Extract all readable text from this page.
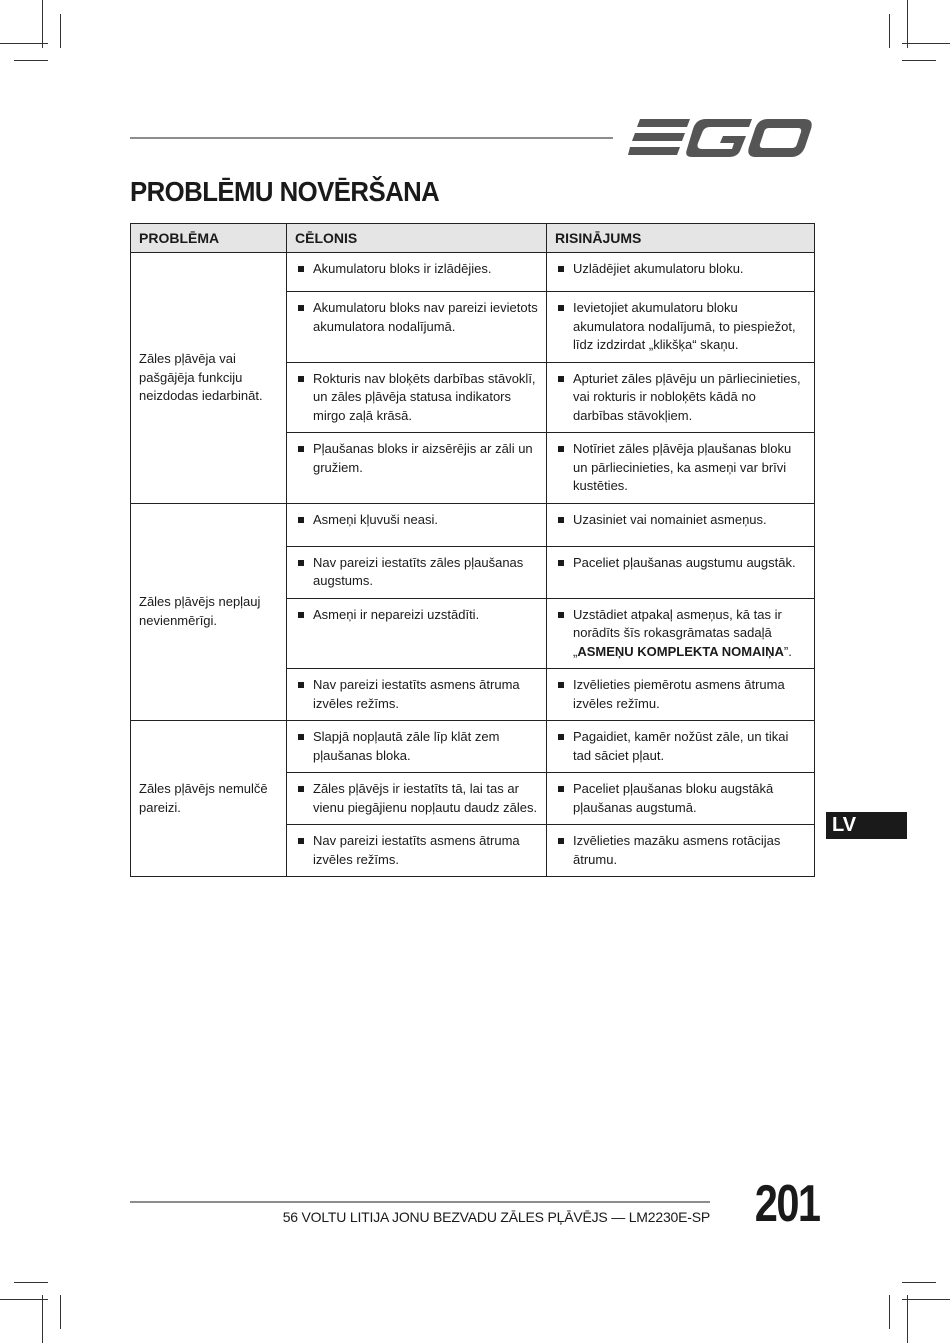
PROBLĒMU NOVĒRŠANA
PROBLĒMA	CĒLONIS	RISINĀJUMS
Zāles pļāvēja vai pašgājēja funkciju neizdodas iedarbināt.	Akumulatoru bloks ir izlādējies.	Uzlādējiet akumulatoru bloku.

	Akumulatoru bloks nav pareizi ievietots akumulatora nodalījumā.	Ievietojiet akumulatoru bloku akumulatora nodalījumā, to piespiežot, līdz izdzirdat „klikšķa“ skaņu.

	Rokturis nav bloķēts darbības stāvoklī, un zāles pļāvēja statusa indikators mirgo zaļā krāsā.	Apturiet zāles pļāvēju un pārliecinieties, vai rokturis ir nobloķēts kādā no darbības stāvokļiem.

	Pļaušanas bloks ir aizsērējis ar zāli un gružiem.	Notīriet zāles pļāvēja pļaušanas bloku un pārliecinieties, ka asmeņi var brīvi kustēties.

Zāles pļāvējs nepļauj nevienmērīgi.	Asmeņi kļuvuši neasi.	Uzasiniet vai nomainiet asmeņus.

	Nav pareizi iestatīts zāles pļaušanas augstums.	Paceliet pļaušanas augstumu augstāk.

	Asmeņi ir nepareizi uzstādīti.	Uzstādiet atpakaļ asmeņus, kā tas ir norādīts šīs rokasgrāmatas sadaļā „ASMEŅU KOMPLEKTA NOMAIŅA”.

	Nav pareizi iestatīts asmens ātruma izvēles režīms.	Izvēlieties piemērotu asmens ātruma izvēles režīmu.

Zāles pļāvējs nemulčē pareizi.	Slapjā nopļautā zāle līp klāt zem pļaušanas bloka.	Pagaidiet, kamēr nožūst zāle, un tikai tad sāciet pļaut.

	Zāles pļāvējs ir iestatīts tā, lai tas ar vienu piegājienu nopļautu daudz zāles.	Paceliet pļaušanas bloku augstākā pļaušanas augstumā.

	Nav pareizi iestatīts asmens ātruma izvēles režīms.	Izvēlieties mazāku asmens rotācijas ātrumu.
LV
56 VOLTU LITIJA JONU BEZVADU ZĀLES PĻĀVĒJS — LM2230E-SP 201
